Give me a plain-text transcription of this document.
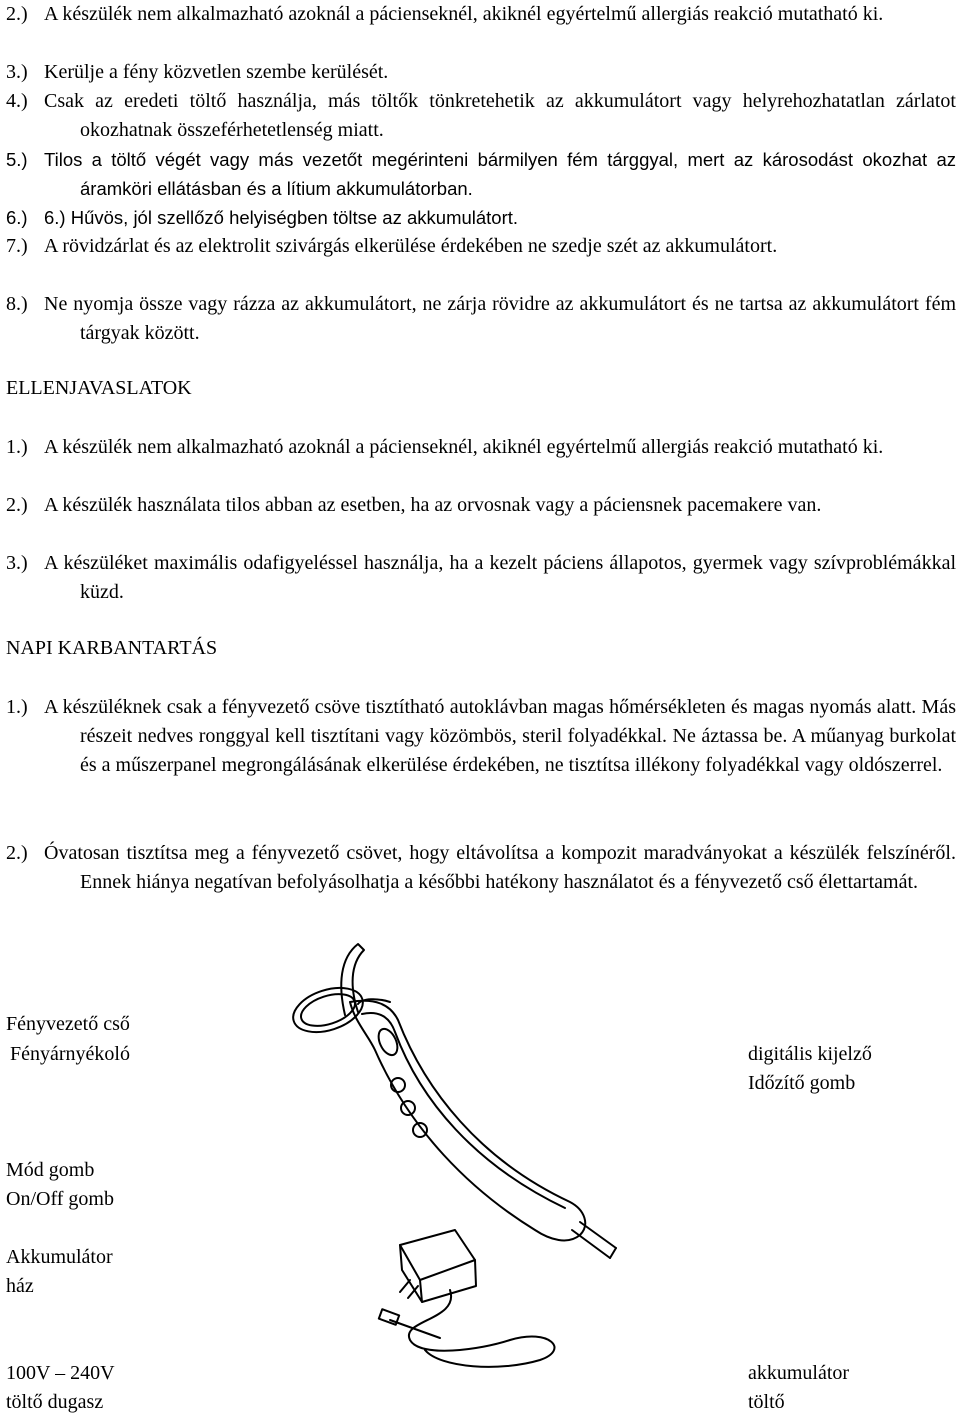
2.) A készülék nem alkalmazható azoknál a pácienseknél, akiknél egyértelmű allergiás reakció mutatható ki.
3.) Kerülje a fény közvetlen szembe kerülését.
4.) Csak az eredeti töltő használja, más töltők tönkretehetik az akkumulátort vagy helyrehozhatatlan zárlatot okozhatnak összeférhetetlenség miatt.
5.) Tilos a töltő végét vagy más vezetőt megérinteni bármilyen fém tárggyal, mert az károsodást okozhat az áramköri ellátásban és a lítium akkumulátorban.
6.) 6.) Hűvös, jól szellőző helyiségben töltse az akkumulátort.
7.) A rövidzárlat és az elektrolit szivárgás elkerülése érdekében ne szedje szét az akkumulátort.
8.) Ne nyomja össze vagy rázza az akkumulátort, ne zárja rövidre az akkumulátort és ne tartsa az akkumulátort fém tárgyak között.
ELLENJAVASLATOK
1.) A készülék nem alkalmazható azoknál a pácienseknél, akiknél egyértelmű allergiás reakció mutatható ki.
2.) A készülék használata tilos abban az esetben, ha az orvosnak vagy a páciensnek pacemakere van.
3.) A készüléket maximális odafigyeléssel használja, ha a kezelt páciens állapotos, gyermek vagy szívproblémákkal küzd.
NAPI KARBANTARTÁS
1.) A készüléknek csak a fényvezető csöve tisztítható autoklávban magas hőmérsékleten és magas nyomás alatt. Más részeit nedves ronggyal kell tisztítani vagy közömbös, steril folyadékkal. Ne áztassa be. A műanyag burkolat és a műszerpanel megrongálásának elkerülése érdekében, ne tisztítsa illékony folyadékkal vagy oldószerrel.
2.) Óvatosan tisztítsa meg a fényvezető csövet, hogy eltávolítsa a kompozit maradványokat a készülék felszínéről. Ennek hiánya negatívan befolyásolhatja a későbbi hatékony használatot és a fényvezető cső élettartamát.
Fényvezető cső
Fényárnyékoló	digitális kijelző
Időzítő gomb
Mód gomb
On/Off gomb
Akkumulátor
ház
100V – 240V
töltő dugasz
akkumulátor
töltő
